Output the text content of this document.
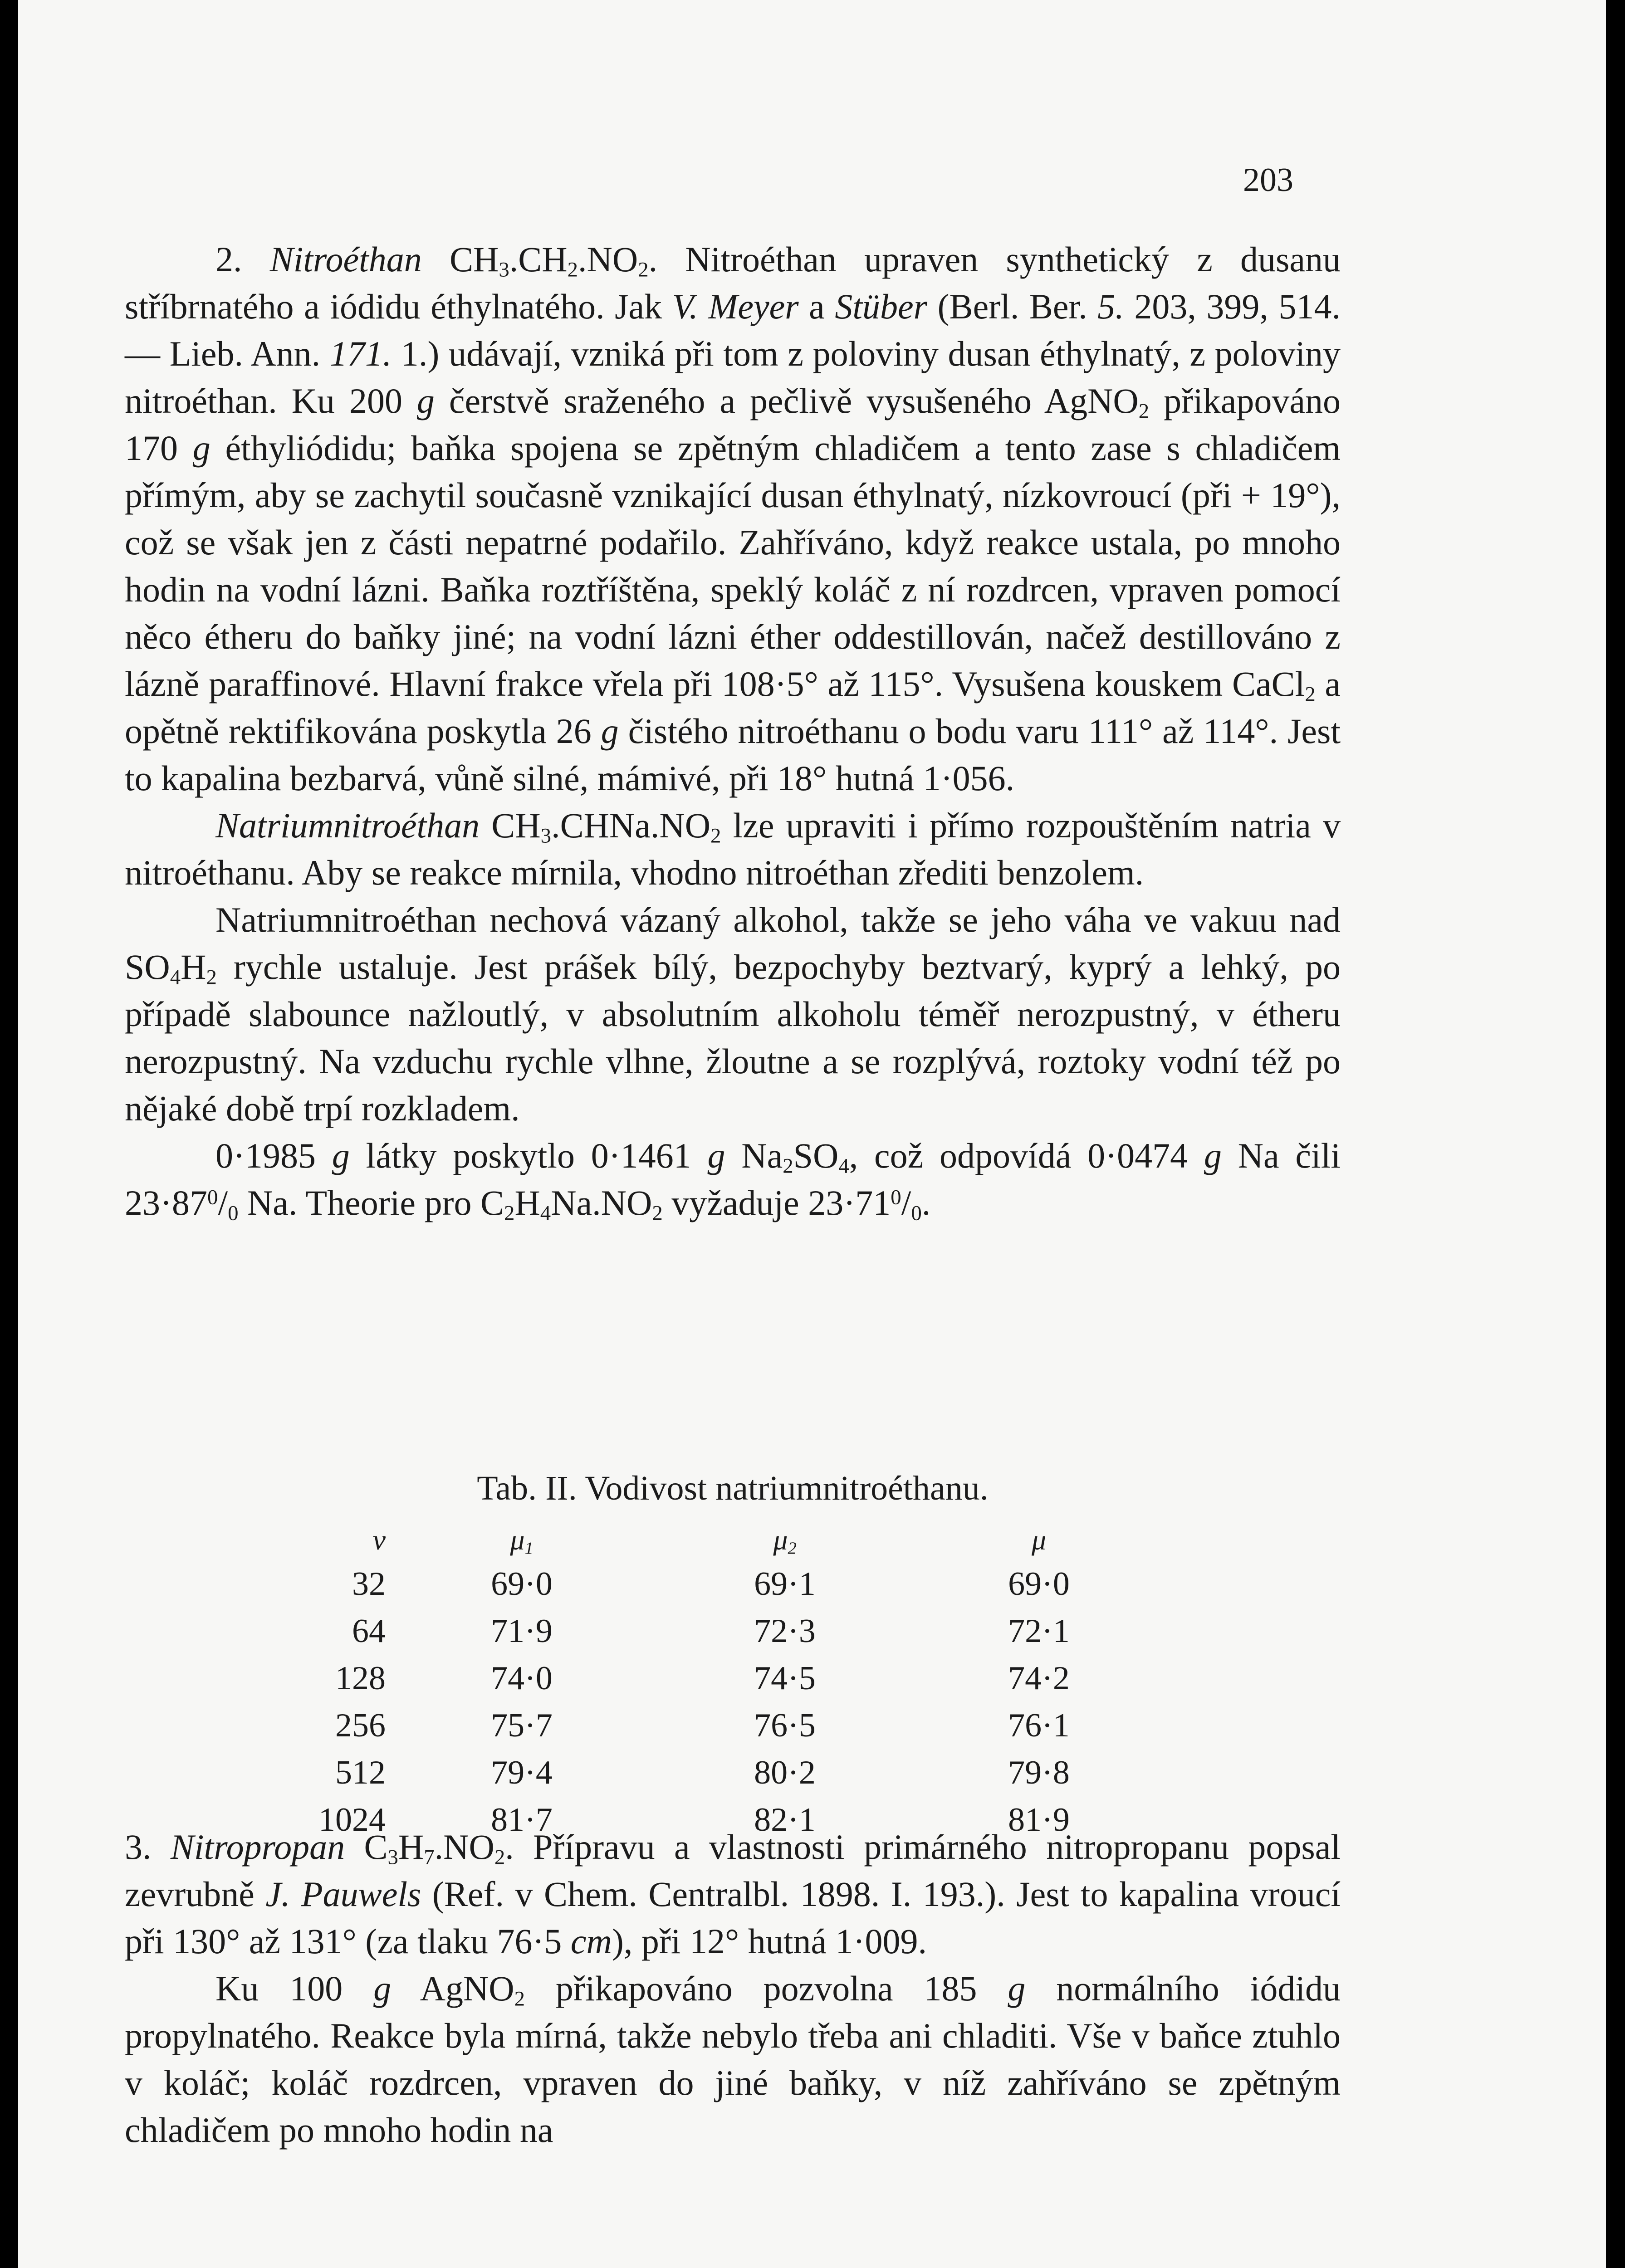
203

2. Nitroéthan $CH_3.CH_2.NO_2$. Nitroéthan upraven synthetický z dusanu stříbrnatého a iódidu éthylnatého. Jak V. Meyer a Stüber (Berl. Ber. 5. 203, 399, 514. — Lieb. Ann. 171. 1.) udávají, vzniká při tom z poloviny dusan éthylnatý, z poloviny nitroéthan. Ku 200 g čerstvě sraženého a pečlivě vysušeného AgNO$_2$ přikapováno 170 g éthyliódidu; baňka spojena se zpětným chladičem a tento zase s chladičem přímým, aby se zachytil současně vznikající dusan éthylnatý, nízkovroucí (při + 19°), což se však jen z části nepatrné podařilo. Zahříváno, když reakce ustala, po mnoho hodin na vodní lázni. Baňka roztříštěna, speklý koláč z ní rozdrcen, vpraven pomocí něco étheru do baňky jiné; na vodní lázni éther oddestillován, načež destillováno z lázně paraffinové. Hlavní frakce vřela při 108·5° až 115°. Vysušena kouskem CaCl$_2$ a opětně rektifikována poskytla 26 g čistého nitroéthanu o bodu varu 111° až 114°. Jest to kapalina bezbarvá, vůně silné, mámivé, při 18° hutná 1·056.

Natriumnitroéthan $CH_3.CHNa.NO_2$ lze upraviti i přímo rozpouštěním natria v nitroéthanu. Aby se reakce mírnila, vhodno nitroéthan zřediti benzolem.

Natriumnitroéthan nechová vázaný alkohol, takže se jeho váha ve vakuu nad $SO_4H_2$ rychle ustaluje. Jest prášek bílý, bezpochyby beztvarý, kyprý a lehký, po případě slabounce nažloutlý, v absolutním alkoholu téměř nerozpustný, v étheru nerozpustný. Na vzduchu rychle vlhne, žloutne a se rozplývá, roztoky vodní též po nějaké době trpí rozkladem.

0·1985 g látky poskytlo 0·1461 g $Na_2SO_4$, což odpovídá 0·0474 g Na čili $23\cdot 87^0/_0$ Na. Theorie pro $C_2H_4Na.NO_2$ vyžaduje $23\cdot 71^0/_0$.

Tab. II. Vodivost natriumnitroéthanu.
v	$\mu_1$	$\mu_2$	μ
32	69·0	69·1	69·0
64	71·9	72·3	72·1
128	74·0	74·5	74·2
256	75·7	76·5	76·1
512	79·4	80·2	79·8
1024	81·7	82·1	81·9

3. Nitropropan $C_3H_7.NO_2$. Přípravu a vlastnosti primárného nitropropanu popsal zevrubně J. Pauwels (Ref. v Chem. Centralbl. 1898. I. 193.). Jest to kapalina vroucí při 130° až 131° (za tlaku 76·5 cm), při 12° hutná 1·009.

Ku 100 g AgNO$_2$ přikapováno pozvolna 185 g normálního iódidu propylnatého. Reakce byla mírná, takže nebylo třeba ani chladiti. Vše v baňce ztuhlo v koláč; koláč rozdrcen, vpraven do jiné baňky, v níž zahříváno se zpětným chladičem po mnoho hodin na
